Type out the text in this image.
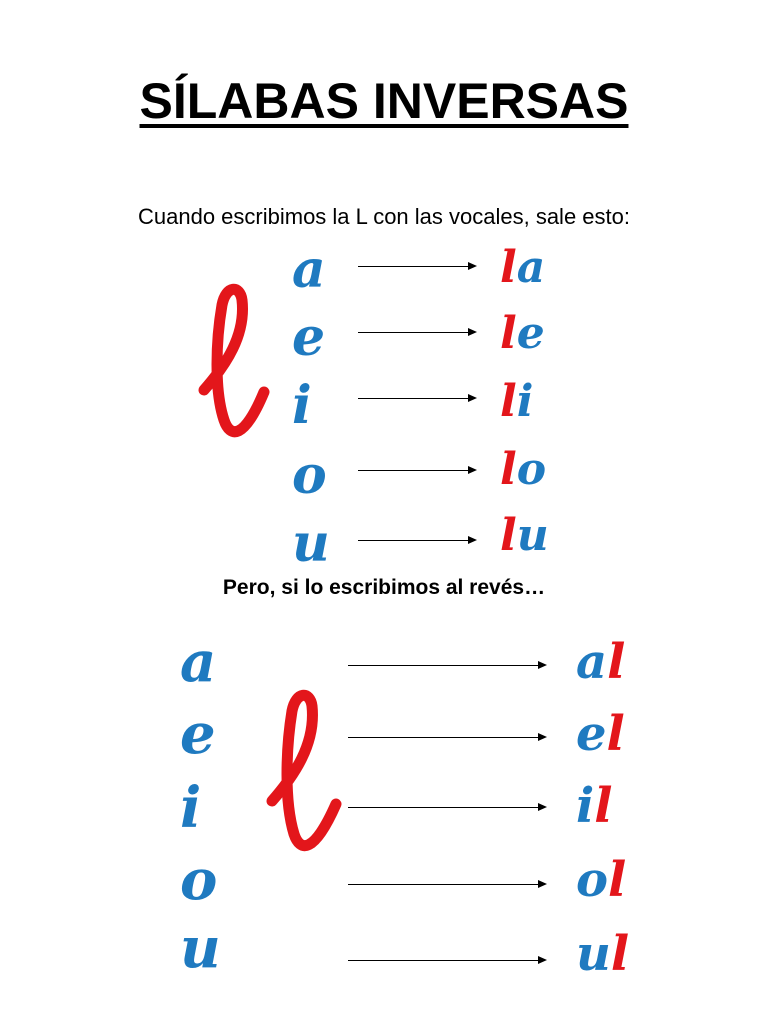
SÍLABAS INVERSAS
Cuando escribimos la L con las vocales, sale esto:
a
e
i
o
u
la
le
li
lo
lu
Pero, si lo escribimos al revés…
a
e
i
o
u
al
el
il
ol
ul
